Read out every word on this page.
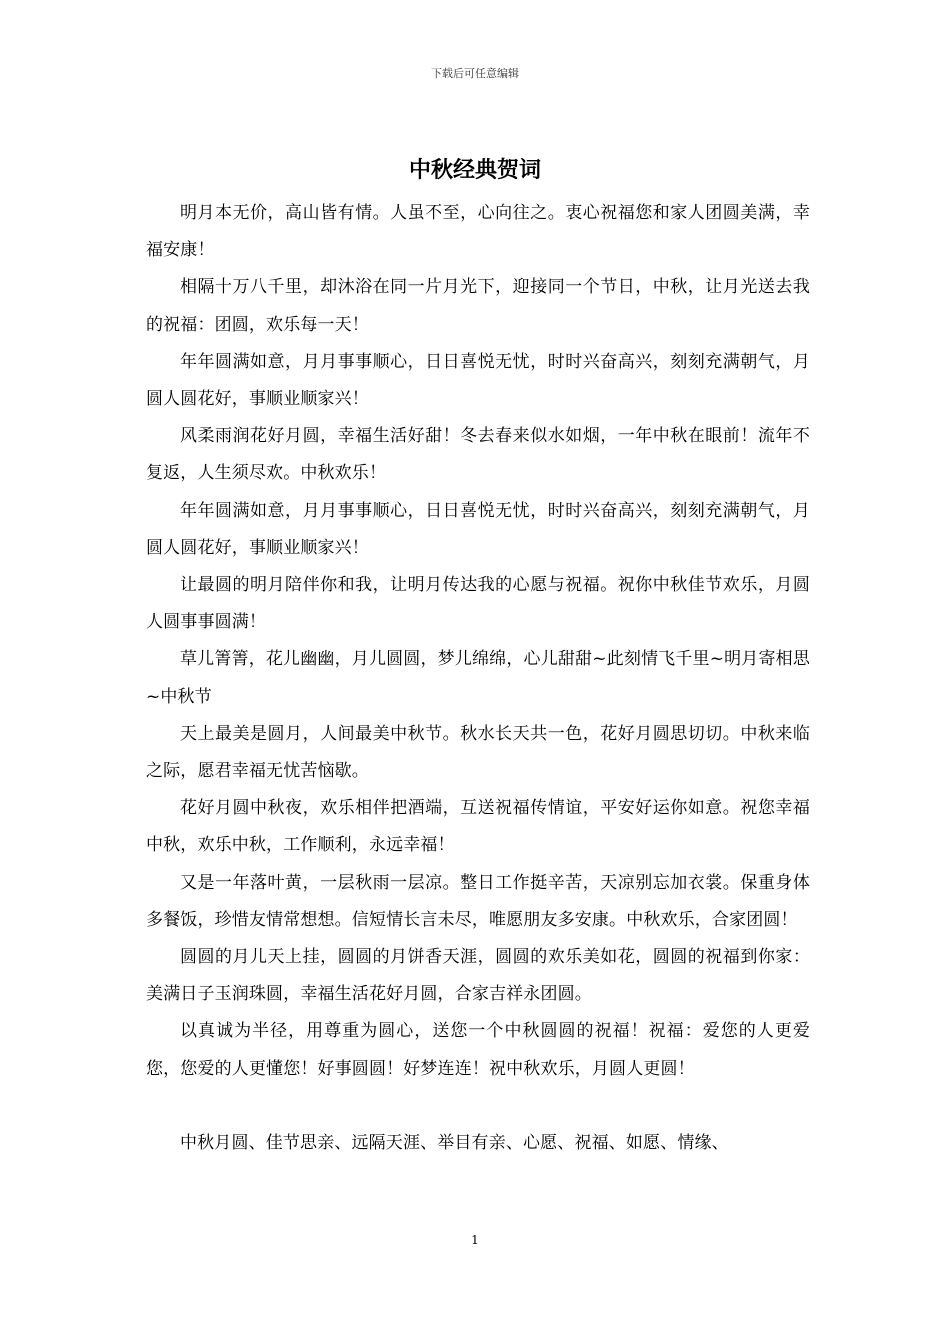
下载后可任意编辑
中秋经典贺词

明月本无价，高山皆有情。人虽不至，心向往之。衷心祝福您和家人团圆美满，幸福安康！

相隔十万八千里，却沐浴在同一片月光下，迎接同一个节日，中秋，让月光送去我的祝福：团圆，欢乐每一天！

年年圆满如意，月月事事顺心，日日喜悦无忧，时时兴奋高兴，刻刻充满朝气，月圆人圆花好，事顺业顺家兴！

风柔雨润花好月圆，幸福生活好甜！冬去春来似水如烟，一年中秋在眼前！流年不复返，人生须尽欢。中秋欢乐！

年年圆满如意，月月事事顺心，日日喜悦无忧，时时兴奋高兴，刻刻充满朝气，月圆人圆花好，事顺业顺家兴！

让最圆的明月陪伴你和我，让明月传达我的心愿与祝福。祝你中秋佳节欢乐，月圆人圆事事圆满！

草儿箐箐，花儿幽幽，月儿圆圆，梦儿绵绵，心儿甜甜~此刻情飞千里~明月寄相思~中秋节

天上最美是圆月，人间最美中秋节。秋水长天共一色，花好月圆思切切。中秋来临之际，愿君幸福无忧苦恼歇。

花好月圆中秋夜，欢乐相伴把酒端，互送祝福传情谊，平安好运你如意。祝您幸福中秋，欢乐中秋，工作顺利，永远幸福！

又是一年落叶黄，一层秋雨一层凉。整日工作挺辛苦，天凉别忘加衣裳。保重身体多餐饭，珍惜友情常想想。信短情长言未尽，唯愿朋友多安康。中秋欢乐，合家团圆！

圆圆的月儿天上挂，圆圆的月饼香天涯，圆圆的欢乐美如花，圆圆的祝福到你家：美满日子玉润珠圆，幸福生活花好月圆，合家吉祥永团圆。

以真诚为半径，用尊重为圆心，送您一个中秋圆圆的祝福！祝福：爱您的人更爱您，您爱的人更懂您！好事圆圆！好梦连连！祝中秋欢乐，月圆人更圆！

中秋月圆、佳节思亲、远隔天涯、举目有亲、心愿、祝福、如愿、情缘、

1
